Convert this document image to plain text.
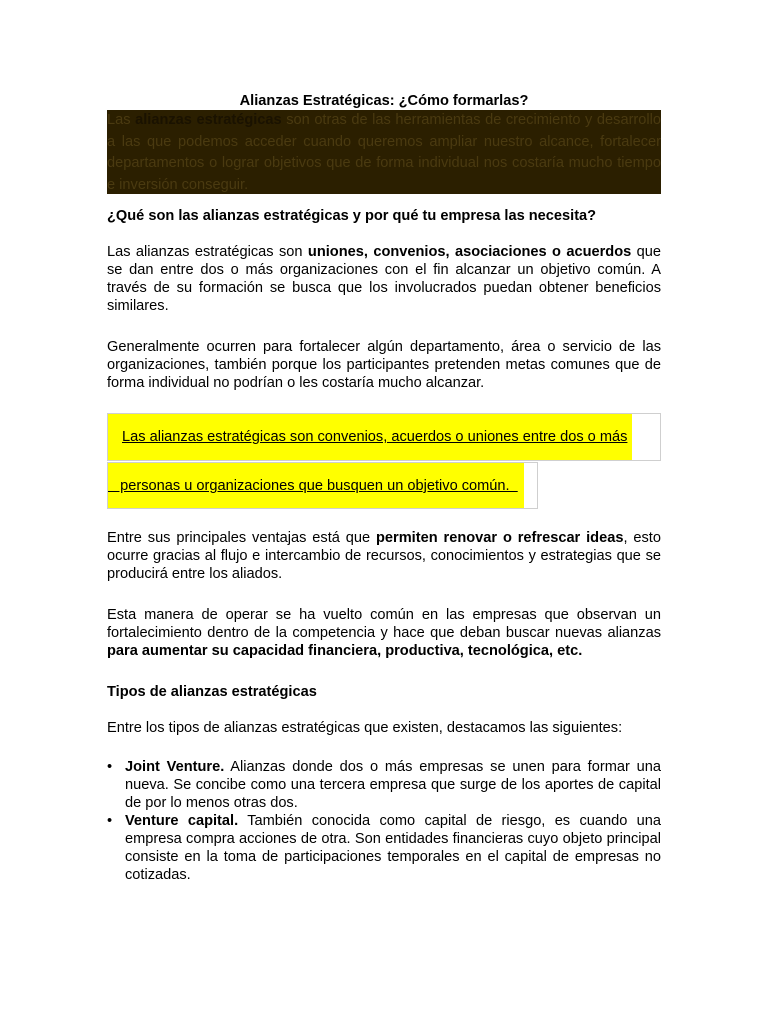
Alianzas Estratégicas: ¿Cómo formarlas?
Las alianzas estratégicas son otras de las herramientas de crecimiento y desarrollo a las que podemos acceder cuando queremos ampliar nuestro alcance, fortalecer departamentos o lograr objetivos que de forma individual nos costaría mucho tiempo e inversión conseguir.
¿Qué son las alianzas estratégicas y por qué tu empresa las necesita?
Las alianzas estratégicas son uniones, convenios, asociaciones o acuerdos que se dan entre dos o más organizaciones con el fin alcanzar un objetivo común. A través de su formación se busca que los involucrados puedan obtener beneficios similares.
Generalmente ocurren para fortalecer algún departamento, área o servicio de las organizaciones, también porque los participantes pretenden metas comunes que de forma individual no podrían o les costaría mucho alcanzar.
Las alianzas estratégicas son convenios, acuerdos o uniones entre dos o más
personas u organizaciones que busquen un objetivo común.
Entre sus principales ventajas está que permiten renovar o refrescar ideas, esto ocurre gracias al flujo e intercambio de recursos, conocimientos y estrategias que se producirá entre los aliados.
Esta manera de operar se ha vuelto común en las empresas que observan un fortalecimiento dentro de la competencia y hace que deban buscar nuevas alianzas para aumentar su capacidad financiera, productiva, tecnológica, etc.
Tipos de alianzas estratégicas
Entre los tipos de alianzas estratégicas que existen, destacamos las siguientes:
• Joint Venture. Alianzas donde dos o más empresas se unen para formar una nueva. Se concibe como una tercera empresa que surge de los aportes de capital de por lo menos otras dos.
• Venture capital. También conocida como capital de riesgo, es cuando una empresa compra acciones de otra. Son entidades financieras cuyo objeto principal consiste en la toma de participaciones temporales en el capital de empresas no cotizadas.
